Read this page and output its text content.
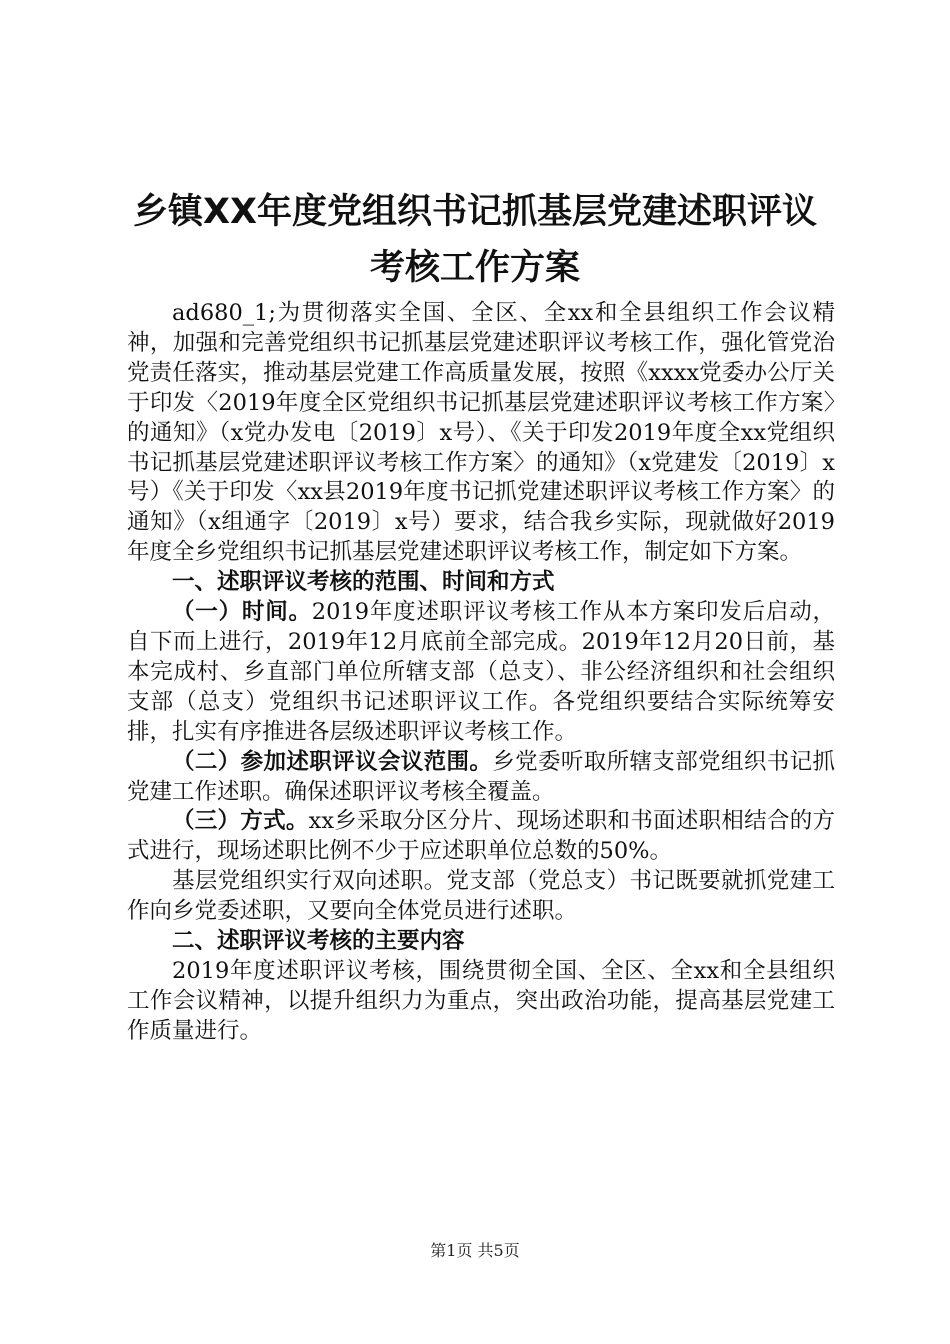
乡镇XX年度党组织书记抓基层党建述职评议
考核工作方案

ad680_1;为贯彻落实全国、全区、全xx和全县组织工作会议精神，加强和完善党组织书记抓基层党建述职评议考核工作，强化管党治党责任落实，推动基层党建工作高质量发展，按照《xxxx党委办公厅关于印发〈2019年度全区党组织书记抓基层党建述职评议考核工作方案〉的通知》（x党办发电〔2019〕x号）、《关于印发2019年度全xx党组织书记抓基层党建述职评议考核工作方案〉的通知》（x党建发〔2019〕x号）《关于印发〈xx县2019年度书记抓党建述职评议考核工作方案〉的通知》（x组通字〔2019〕x号）要求，结合我乡实际，现就做好2019年度全乡党组织书记抓基层党建述职评议考核工作，制定如下方案。

一、述职评议考核的范围、时间和方式

（一）时间。2019年度述职评议考核工作从本方案印发后启动，自下而上进行，2019年12月底前全部完成。2019年12月20日前，基本完成村、乡直部门单位所辖支部（总支）、非公经济组织和社会组织支部（总支）党组织书记述职评议工作。各党组织要结合实际统筹安排，扎实有序推进各层级述职评议考核工作。

（二）参加述职评议会议范围。乡党委听取所辖支部党组织书记抓党建工作述职。确保述职评议考核全覆盖。

（三）方式。xx乡采取分区分片、现场述职和书面述职相结合的方式进行，现场述职比例不少于应述职单位总数的50%。

基层党组织实行双向述职。党支部（党总支）书记既要就抓党建工作向乡党委述职，又要向全体党员进行述职。

二、述职评议考核的主要内容

2019年度述职评议考核，围绕贯彻全国、全区、全xx和全县组织工作会议精神，以提升组织力为重点，突出政治功能，提高基层党建工作质量进行。

第1页 共5页
